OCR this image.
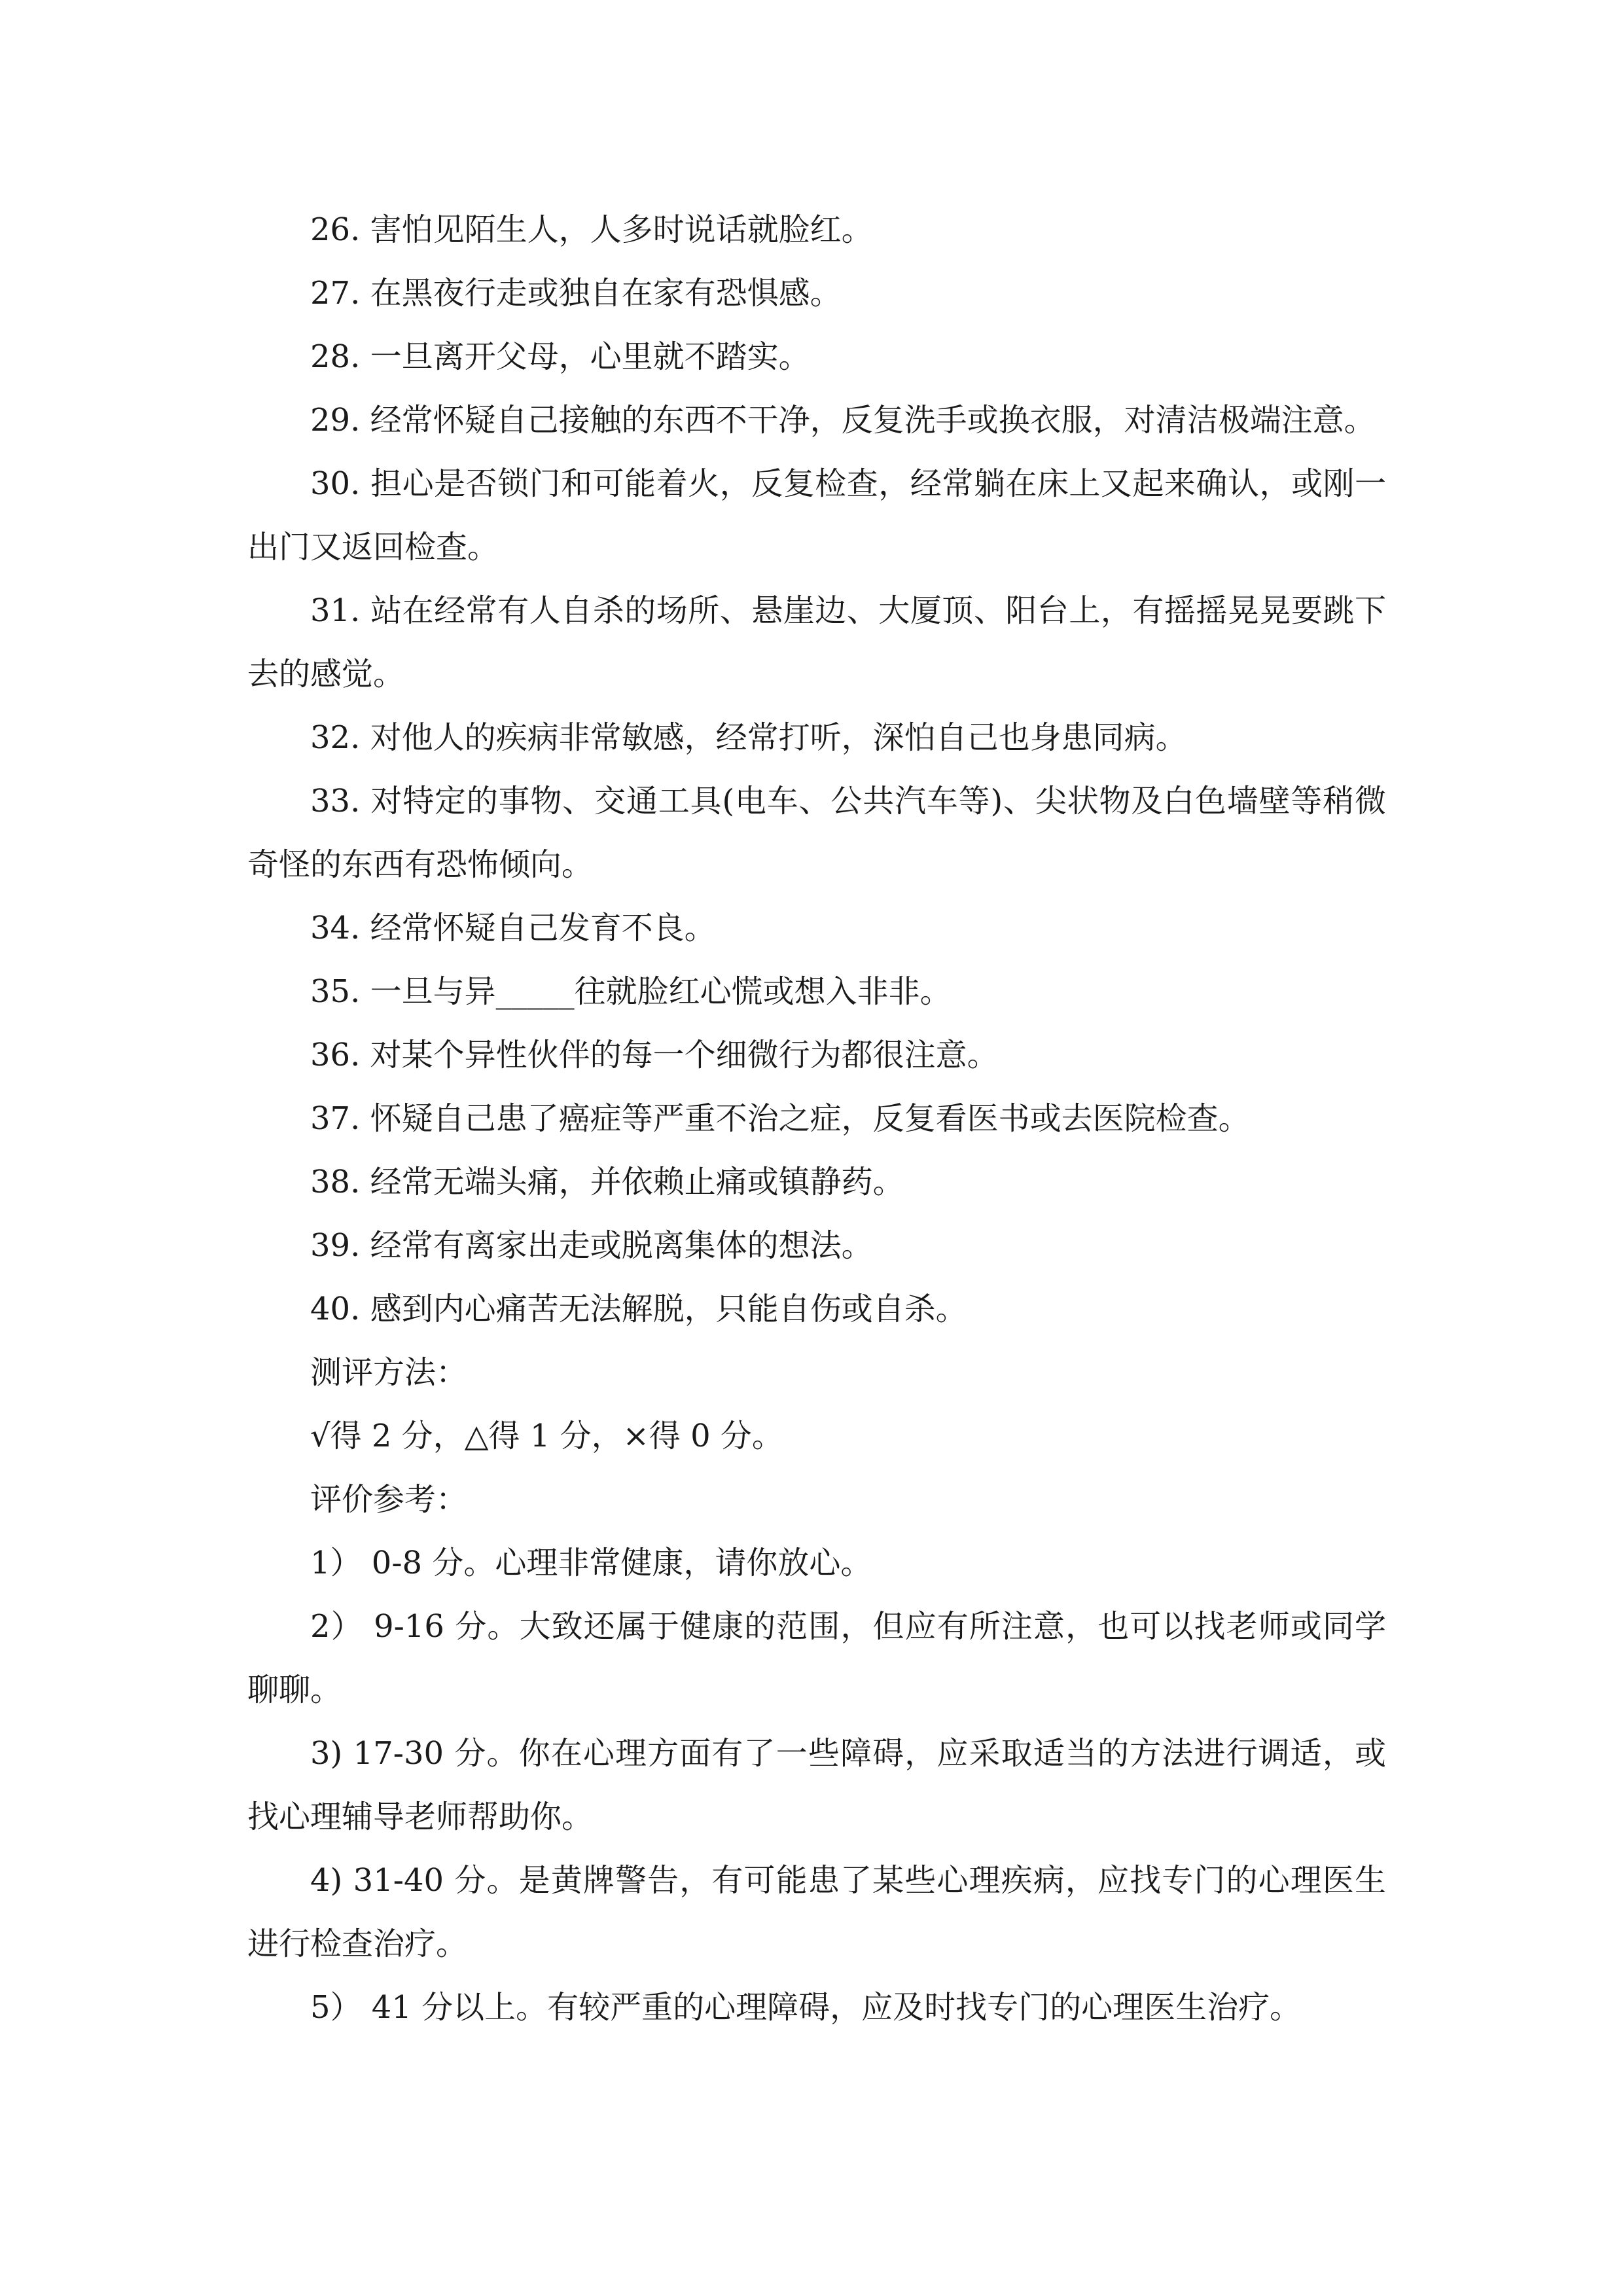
26. 害怕见陌生人，人多时说话就脸红。

27. 在黑夜行走或独自在家有恐惧感。

28. 一旦离开父母，心里就不踏实。

29. 经常怀疑自己接触的东西不干净，反复洗手或换衣服，对清洁极端注意。

30. 担心是否锁门和可能着火，反复检查，经常躺在床上又起来确认，或刚一出门又返回检查。

31. 站在经常有人自杀的场所、悬崖边、大厦顶、阳台上，有摇摇晃晃要跳下去的感觉。

32. 对他人的疾病非常敏感，经常打听，深怕自己也身患同病。

33. 对特定的事物、交通工具(电车、公共汽车等)、尖状物及白色墙壁等稍微奇怪的东西有恐怖倾向。

34. 经常怀疑自己发育不良。

35. 一旦与异_____往就脸红心慌或想入非非。

36. 对某个异性伙伴的每一个细微行为都很注意。

37. 怀疑自己患了癌症等严重不治之症，反复看医书或去医院检查。

38. 经常无端头痛，并依赖止痛或镇静药。

39. 经常有离家出走或脱离集体的想法。

40. 感到内心痛苦无法解脱，只能自伤或自杀。

测评方法：

√得 2 分，△得 1 分，×得 0 分。

评价参考：

1） 0-8 分。心理非常健康，请你放心。

2） 9-16 分。大致还属于健康的范围，但应有所注意，也可以找老师或同学聊聊。

3) 17-30 分。你在心理方面有了一些障碍，应采取适当的方法进行调适，或找心理辅导老师帮助你。

4) 31-40 分。是黄牌警告，有可能患了某些心理疾病，应找专门的心理医生进行检查治疗。

5） 41 分以上。有较严重的心理障碍，应及时找专门的心理医生治疗。
